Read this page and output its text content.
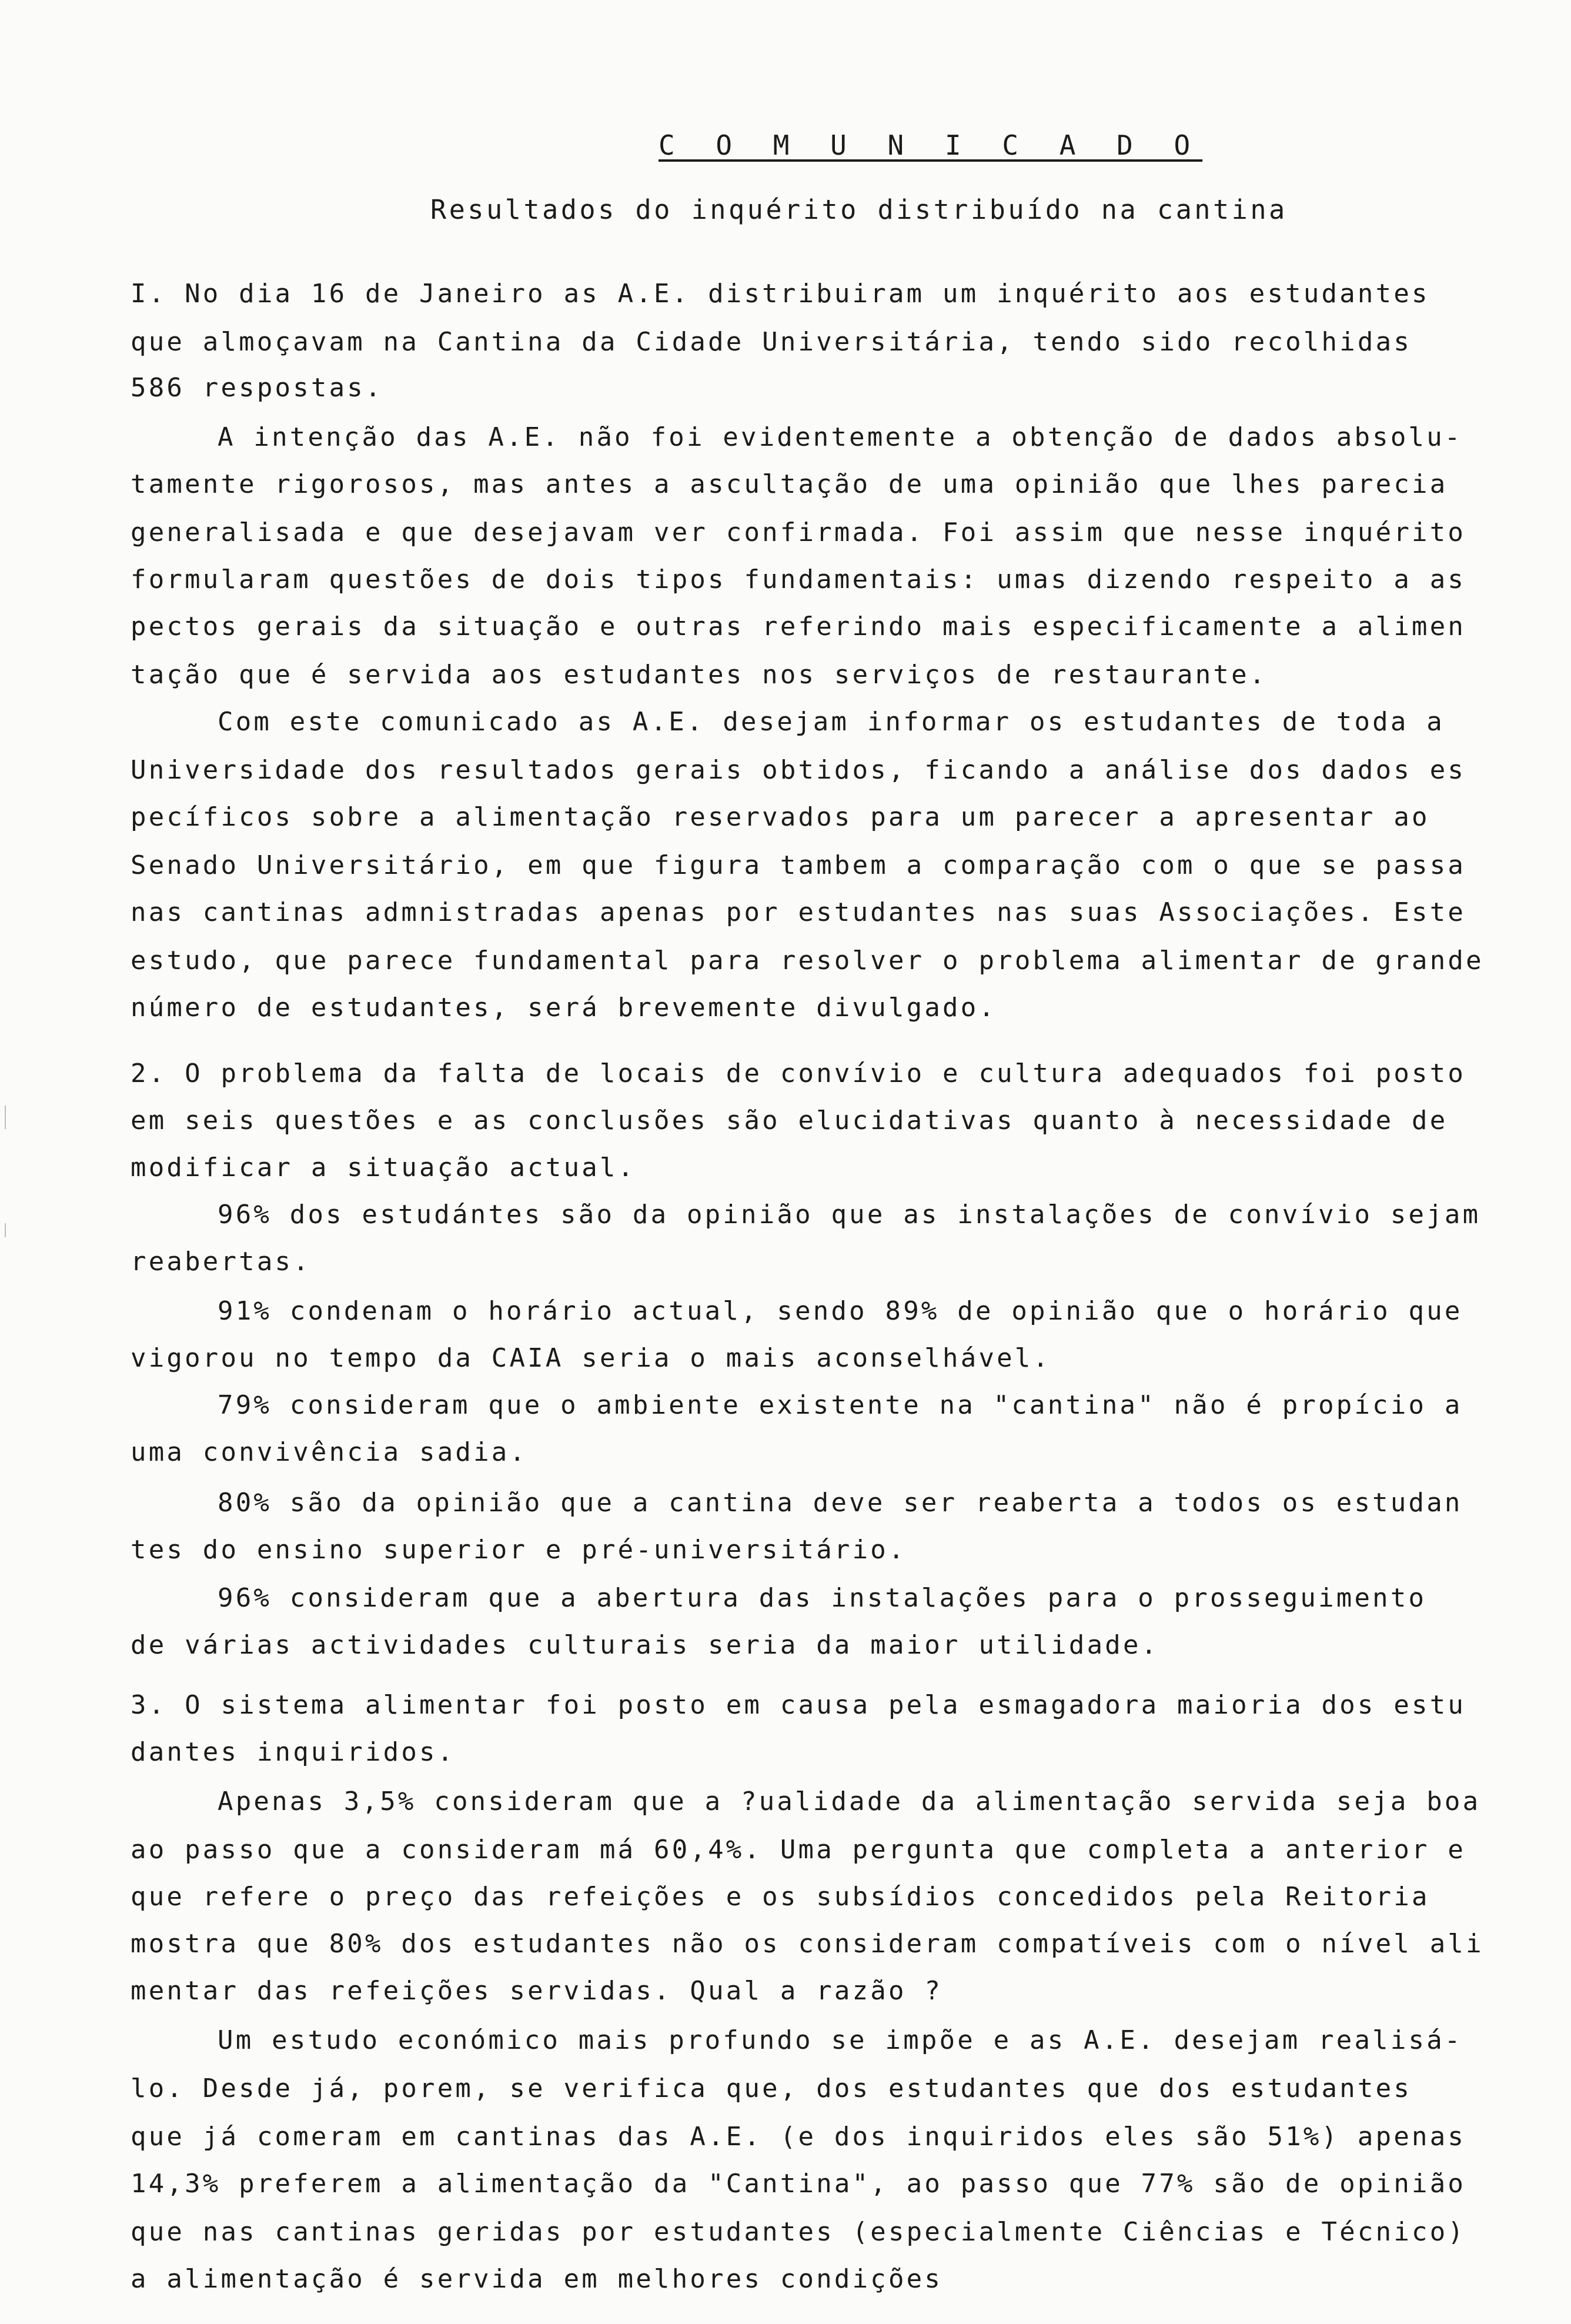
C O M U N I C A D O
Resultados do inquérito distribuído na cantina
I. No dia 16 de Janeiro as A.E. distribuiram um inquérito aos estudantes
que almoçavam na Cantina da Cidade Universitária, tendo sido recolhidas
586 respostas.
A intenção das A.E. não foi evidentemente a obtenção de dados absolu-
tamente rigorosos, mas antes a ascultação de uma opinião que lhes parecia
generalisada e que desejavam ver confirmada. Foi assim que nesse inquérito
formularam questões de dois tipos fundamentais: umas dizendo respeito a as
pectos gerais da situação e outras referindo mais especificamente a alimen
tação que é servida aos estudantes nos serviços de restaurante.
Com este comunicado as A.E. desejam informar os estudantes de toda a
Universidade dos resultados gerais obtidos, ficando a análise dos dados es
pecíficos sobre a alimentação reservados para um parecer a apresentar ao
Senado Universitário, em que figura tambem a comparação com o que se passa
nas cantinas admnistradas apenas por estudantes nas suas Associações. Este
estudo, que parece fundamental para resolver o problema alimentar de grande
número de estudantes, será brevemente divulgado.
2. O problema da falta de locais de convívio e cultura adequados foi posto
em seis questões e as conclusões são elucidativas quanto à necessidade de
modificar a situação actual.
96% dos estudántes são da opinião que as instalações de convívio sejam
reabertas.
91% condenam o horário actual, sendo 89% de opinião que o horário que
vigorou no tempo da CAIA seria o mais aconselhável.
79% consideram que o ambiente existente na "cantina" não é propício a
uma convivência sadia.
80% são da opinião que a cantina deve ser reaberta a todos os estudan
tes do ensino superior e pré-universitário.
96% consideram que a abertura das instalações para o prosseguimento
de várias actividades culturais seria da maior utilidade.
3. O sistema alimentar foi posto em causa pela esmagadora maioria dos estu
dantes inquiridos.
Apenas 3,5% consideram que a ?ualidade da alimentação servida seja boa
ao passo que a consideram má 60,4%. Uma pergunta que completa a anterior e
que refere o preço das refeições e os subsídios concedidos pela Reitoria
mostra que 80% dos estudantes não os consideram compatíveis com o nível ali
mentar das refeições servidas. Qual a razão ?
Um estudo económico mais profundo se impõe e as A.E. desejam realisá-
lo. Desde já, porem, se verifica que, dos estudantes que dos estudantes
que já comeram em cantinas das A.E. (e dos inquiridos eles são 51%) apenas
14,3% preferem a alimentação da "Cantina", ao passo que 77% são de opinião
que nas cantinas geridas por estudantes (especialmente Ciências e Técnico)
a alimentação é servida em melhores condições
